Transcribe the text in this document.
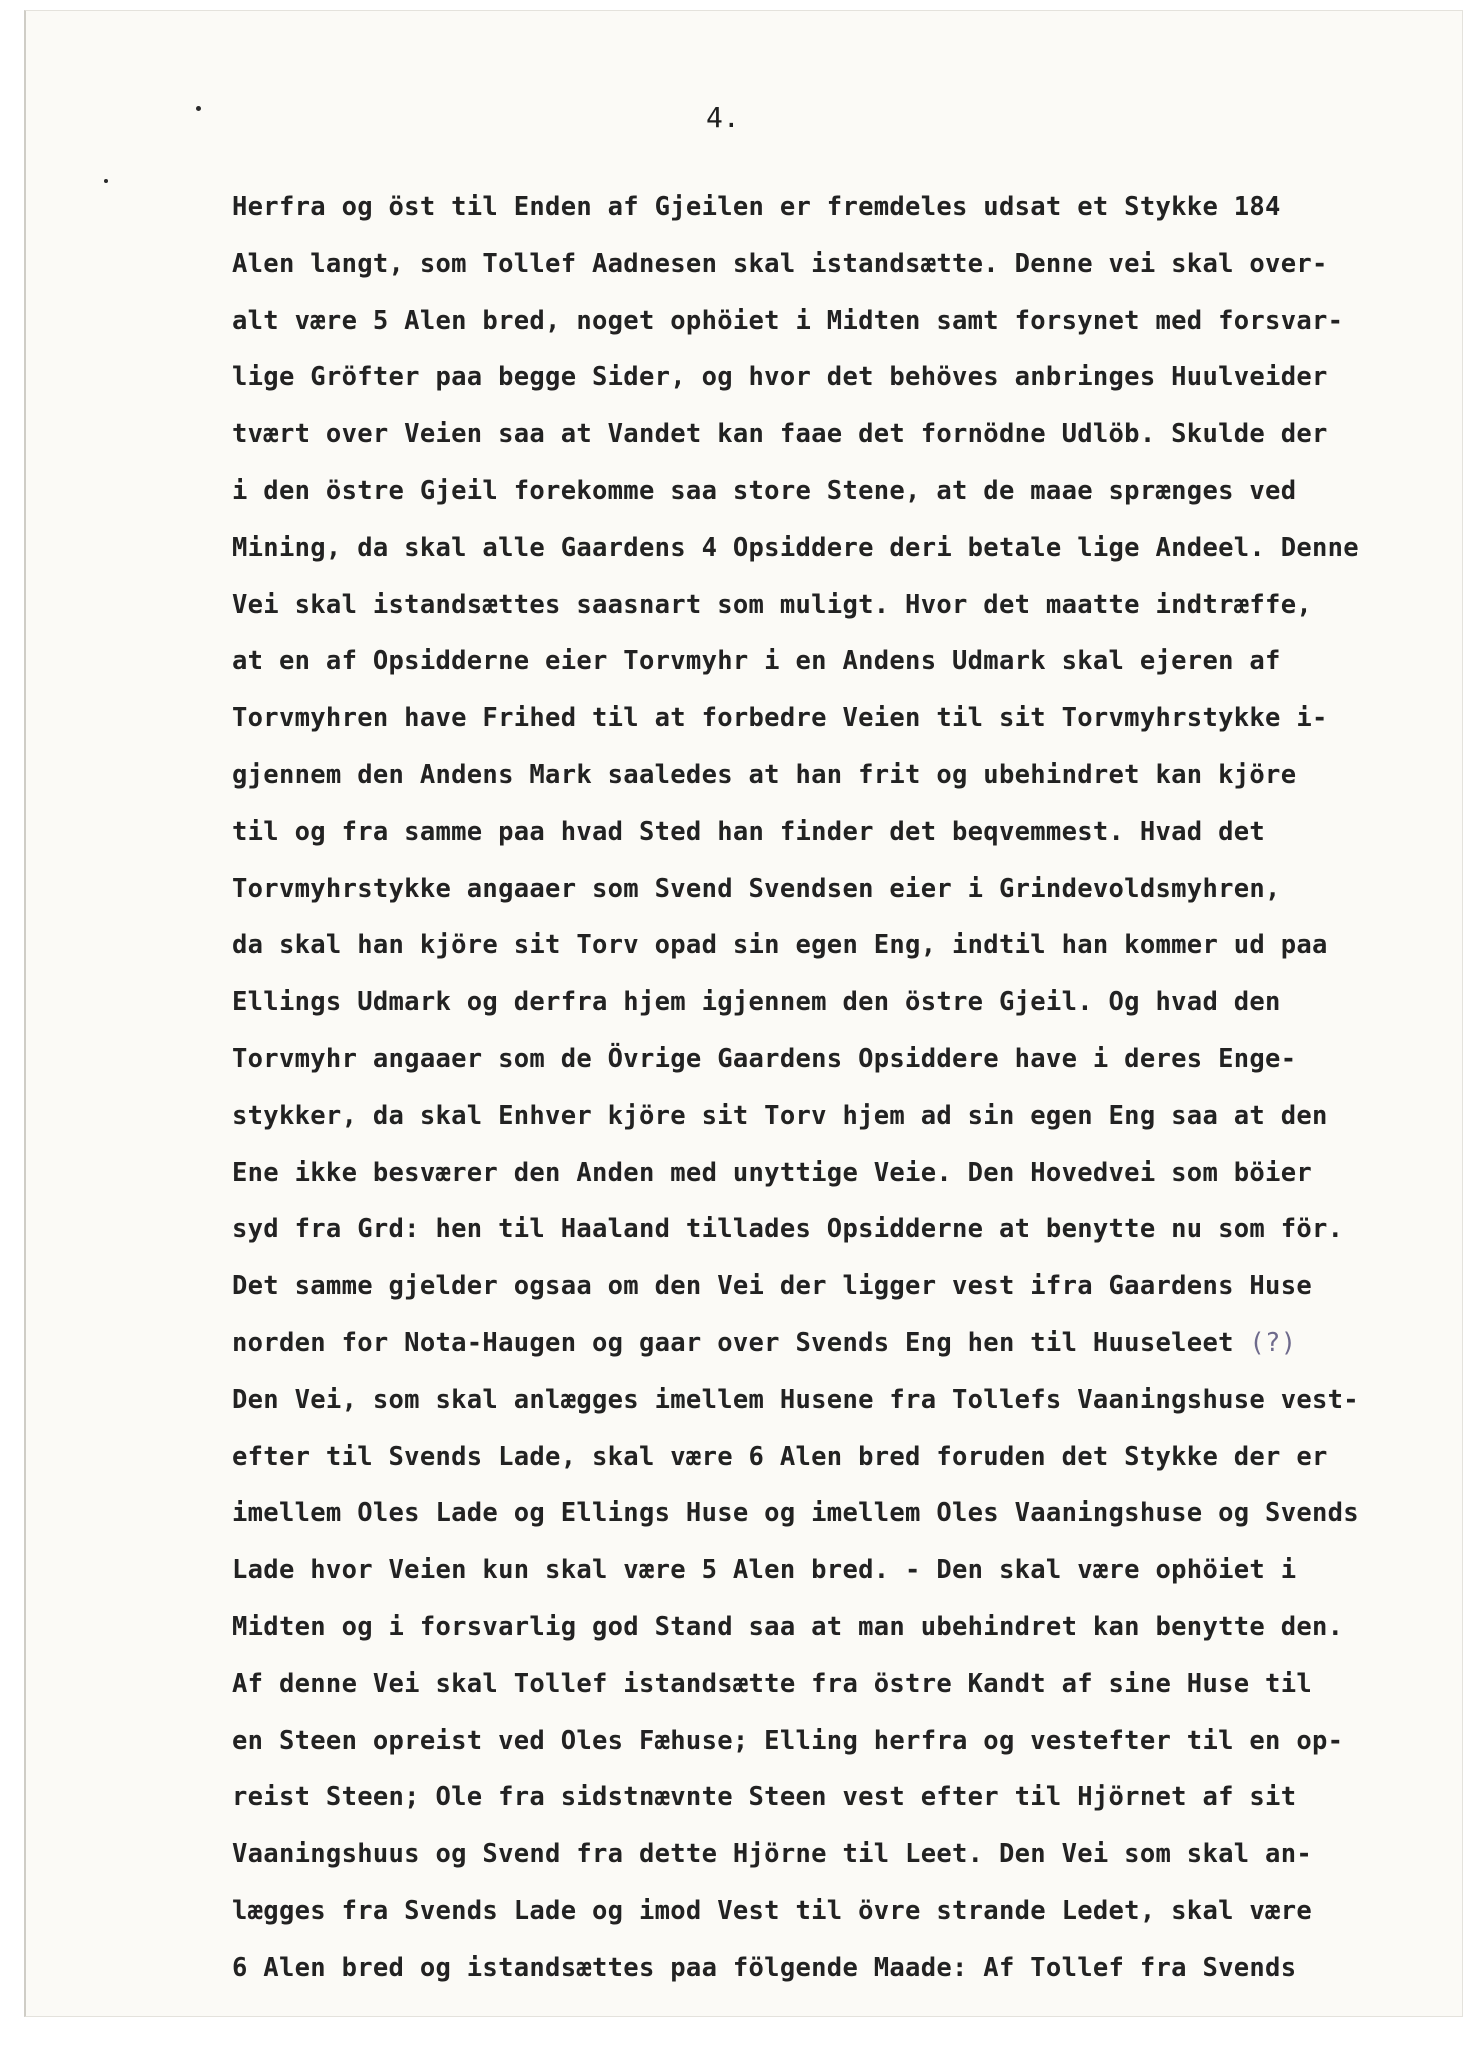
4.
Herfra og öst til Enden af Gjeilen er fremdeles udsat et Stykke 184
Alen langt, som Tollef Aadnesen skal istandsætte. Denne vei skal over-
alt være 5 Alen bred, noget ophöiet i Midten samt forsynet med forsvar-
lige Gröfter paa begge Sider, og hvor det behöves anbringes Huulveider
tvært over Veien saa at Vandet kan faae det fornödne Udlöb. Skulde der
i den östre Gjeil forekomme saa store Stene, at de maae sprænges ved
Mining, da skal alle Gaardens 4 Opsiddere deri betale lige Andeel. Denne
Vei skal istandsættes saasnart som muligt. Hvor det maatte indtræffe,
at en af Opsidderne eier Torvmyhr i en Andens Udmark skal ejeren af
Torvmyhren have Frihed til at forbedre Veien til sit Torvmyhrstykke i-
gjennem den Andens Mark saaledes at han frit og ubehindret kan kjöre
til og fra samme paa hvad Sted han finder det beqvemmest. Hvad det
Torvmyhrstykke angaaer som Svend Svendsen eier i Grindevoldsmyhren,
da skal han kjöre sit Torv opad sin egen Eng, indtil han kommer ud paa
Ellings Udmark og derfra hjem igjennem den östre Gjeil. Og hvad den
Torvmyhr angaaer som de Övrige Gaardens Opsiddere have i deres Enge-
stykker, da skal Enhver kjöre sit Torv hjem ad sin egen Eng saa at den
Ene ikke besværer den Anden med unyttige Veie. Den Hovedvei som böier
syd fra Grd: hen til Haaland tillades Opsidderne at benytte nu som för.
Det samme gjelder ogsaa om den Vei der ligger vest ifra Gaardens Huse
norden for Nota-Haugen og gaar over Svends Eng hen til Huuseleet (?)
Den Vei, som skal anlægges imellem Husene fra Tollefs Vaaningshuse vest-
efter til Svends Lade, skal være 6 Alen bred foruden det Stykke der er
imellem Oles Lade og Ellings Huse og imellem Oles Vaaningshuse og Svends
Lade hvor Veien kun skal være 5 Alen bred. - Den skal være ophöiet i
Midten og i forsvarlig god Stand saa at man ubehindret kan benytte den.
Af denne Vei skal Tollef istandsætte fra östre Kandt af sine Huse til
en Steen opreist ved Oles Fæhuse; Elling herfra og vestefter til en op-
reist Steen; Ole fra sidstnævnte Steen vest efter til Hjörnet af sit
Vaaningshuus og Svend fra dette Hjörne til Leet. Den Vei som skal an-
lægges fra Svends Lade og imod Vest til övre strande Ledet, skal være
6 Alen bred og istandsættes paa fölgende Maade: Af Tollef fra Svends
